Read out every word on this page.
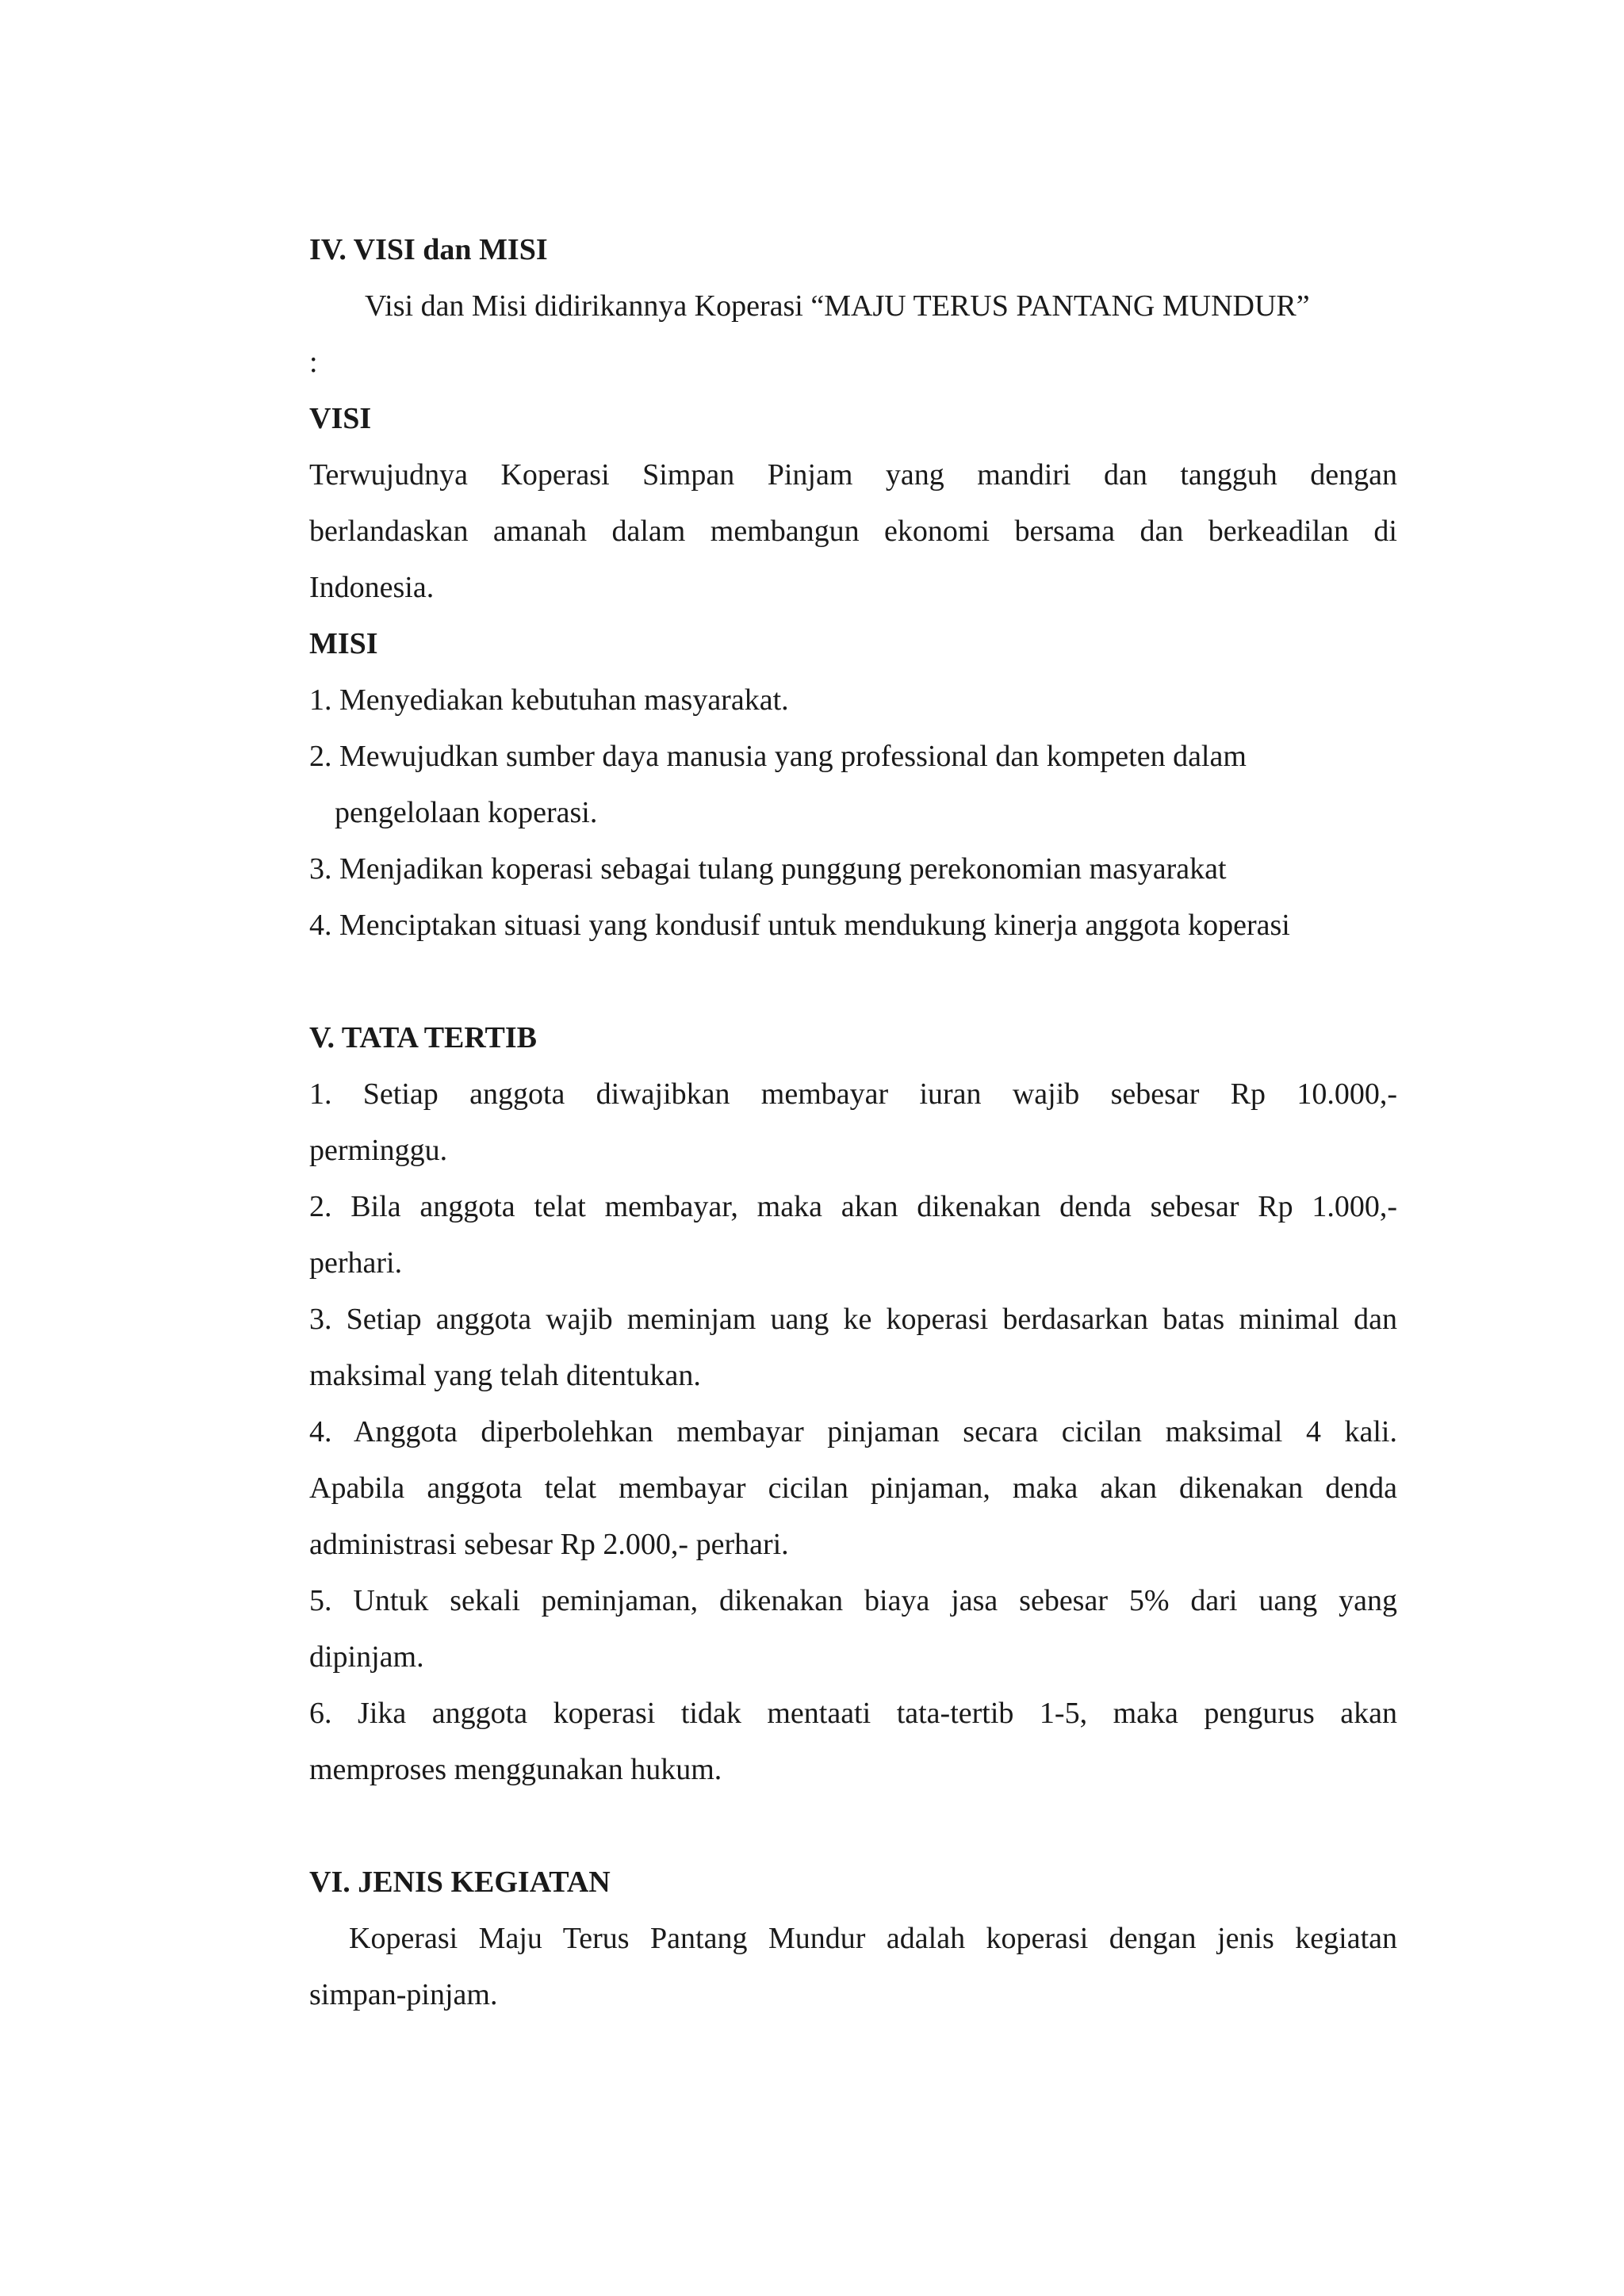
IV. VISI dan MISI
Visi dan Misi didirikannya Koperasi “MAJU TERUS PANTANG MUNDUR”
:
VISI
Terwujudnya Koperasi Simpan Pinjam yang mandiri dan tangguh dengan
berlandaskan amanah dalam membangun ekonomi bersama dan berkeadilan di
Indonesia.
MISI
1. Menyediakan kebutuhan masyarakat.
2. Mewujudkan sumber daya manusia yang professional dan kompeten dalam
pengelolaan koperasi.
3. Menjadikan koperasi sebagai tulang punggung perekonomian masyarakat
4. Menciptakan situasi yang kondusif untuk mendukung kinerja anggota koperasi
V. TATA TERTIB
1. Setiap anggota diwajibkan membayar iuran wajib sebesar Rp 10.000,-
perminggu.
2. Bila anggota telat membayar, maka akan dikenakan denda sebesar Rp 1.000,-
perhari.
3. Setiap anggota wajib meminjam uang ke koperasi berdasarkan batas minimal dan
maksimal yang telah ditentukan.
4. Anggota diperbolehkan membayar pinjaman secara cicilan maksimal 4 kali.
Apabila anggota telat membayar cicilan pinjaman, maka akan dikenakan denda
administrasi sebesar Rp 2.000,- perhari.
5. Untuk sekali peminjaman, dikenakan biaya jasa sebesar 5% dari uang yang
dipinjam.
6. Jika anggota koperasi tidak mentaati tata-tertib 1-5, maka pengurus akan
memproses menggunakan hukum.
VI. JENIS KEGIATAN
Koperasi Maju Terus Pantang Mundur adalah koperasi dengan jenis kegiatan
simpan-pinjam.
